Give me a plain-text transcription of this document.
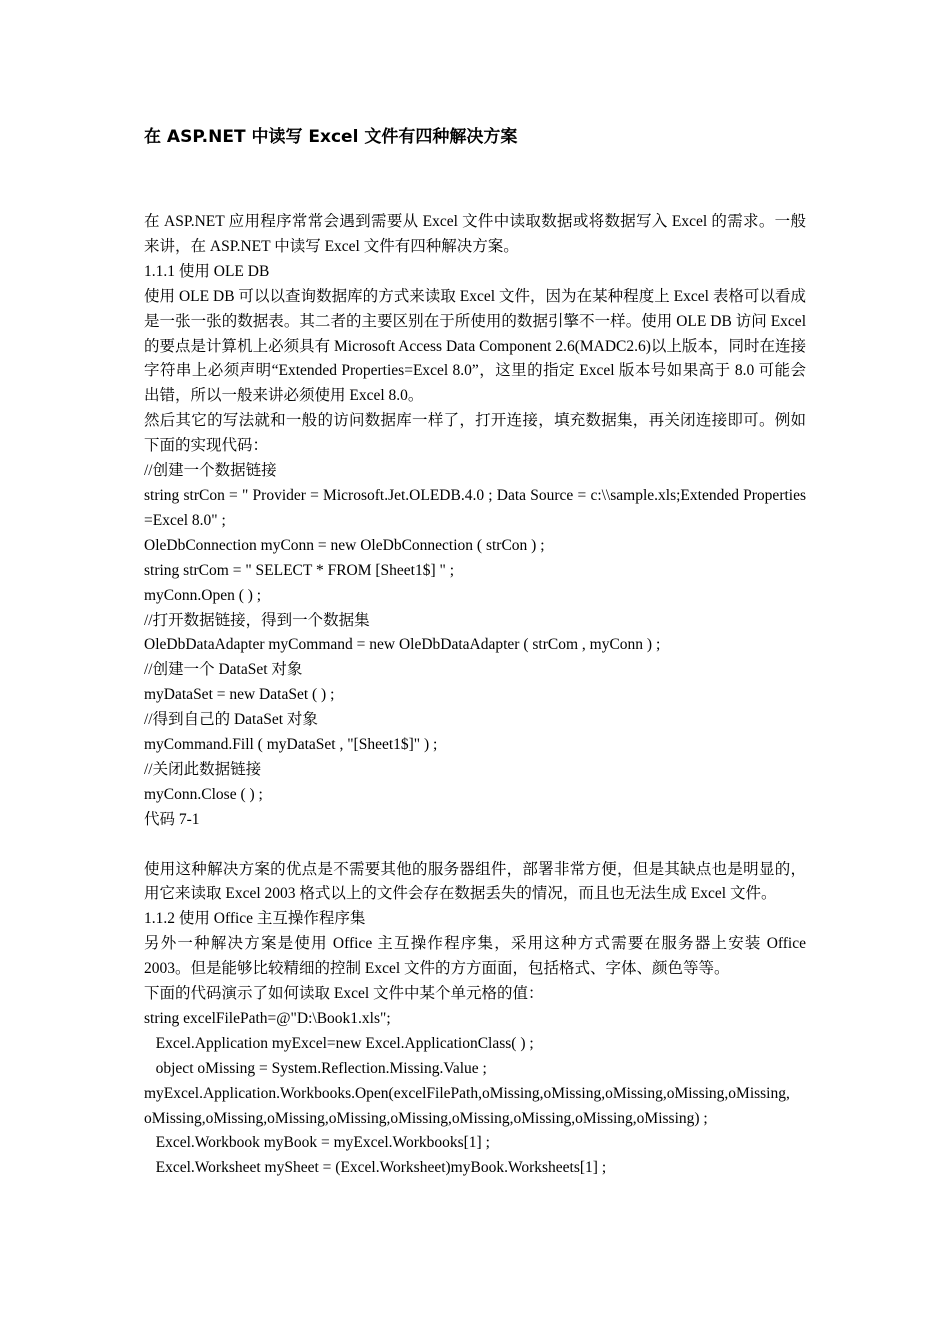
在 ASP.NET 中读写 Excel 文件有四种解决方案
在 ASP.NET 应用程序常常会遇到需要从 Excel 文件中读取数据或将数据写入 Excel 的需求。一般来讲，在 ASP.NET 中读写 Excel 文件有四种解决方案。
1.1.1 使用 OLE DB
使用 OLE DB 可以以查询数据库的方式来读取 Excel 文件，因为在某种程度上 Excel 表格可以看成是一张一张的数据表。其二者的主要区别在于所使用的数据引擎不一样。使用 OLE DB 访问 Excel 的要点是计算机上必须具有 Microsoft Access Data Component 2.6(MADC2.6)以上版本，同时在连接字符串上必须声明“Extended Properties=Excel 8.0”，这里的指定 Excel 版本号如果高于 8.0 可能会出错，所以一般来讲必须使用 Excel 8.0。
然后其它的写法就和一般的访问数据库一样了，打开连接，填充数据集，再关闭连接即可。例如下面的实现代码：
//创建一个数据链接
string strCon = " Provider = Microsoft.Jet.OLEDB.4.0 ; Data Source = c:\\sample.xls;Extended Properties=Excel 8.0" ;
OleDbConnection myConn = new OleDbConnection ( strCon ) ;
string strCom = " SELECT * FROM [Sheet1$] " ;
myConn.Open ( ) ;
//打开数据链接，得到一个数据集
OleDbDataAdapter myCommand = new OleDbDataAdapter ( strCom , myConn ) ;
//创建一个 DataSet 对象
myDataSet = new DataSet ( ) ;
//得到自己的 DataSet 对象
myCommand.Fill ( myDataSet , "[Sheet1$]" ) ;
//关闭此数据链接
myConn.Close ( ) ;
代码 7-1
使用这种解决方案的优点是不需要其他的服务器组件，部署非常方便，但是其缺点也是明显的，用它来读取 Excel 2003 格式以上的文件会存在数据丢失的情况，而且也无法生成 Excel 文件。
1.1.2 使用 Office 主互操作程序集
另外一种解决方案是使用 Office 主互操作程序集，采用这种方式需要在服务器上安装 Office 2003。但是能够比较精细的控制 Excel 文件的方方面面，包括格式、字体、颜色等等。
下面的代码演示了如何读取 Excel 文件中某个单元格的值：
string excelFilePath=@"D:\Book1.xls";
Excel.Application myExcel=new Excel.ApplicationClass( ) ;
object oMissing = System.Reflection.Missing.Value ;
myExcel.Application.Workbooks.Open(excelFilePath,oMissing,oMissing,oMissing,oMissing,oMissing,
oMissing,oMissing,oMissing,oMissing,oMissing,oMissing,oMissing,oMissing,oMissing) ;
Excel.Workbook myBook = myExcel.Workbooks[1] ;
Excel.Worksheet mySheet = (Excel.Worksheet)myBook.Worksheets[1] ;
